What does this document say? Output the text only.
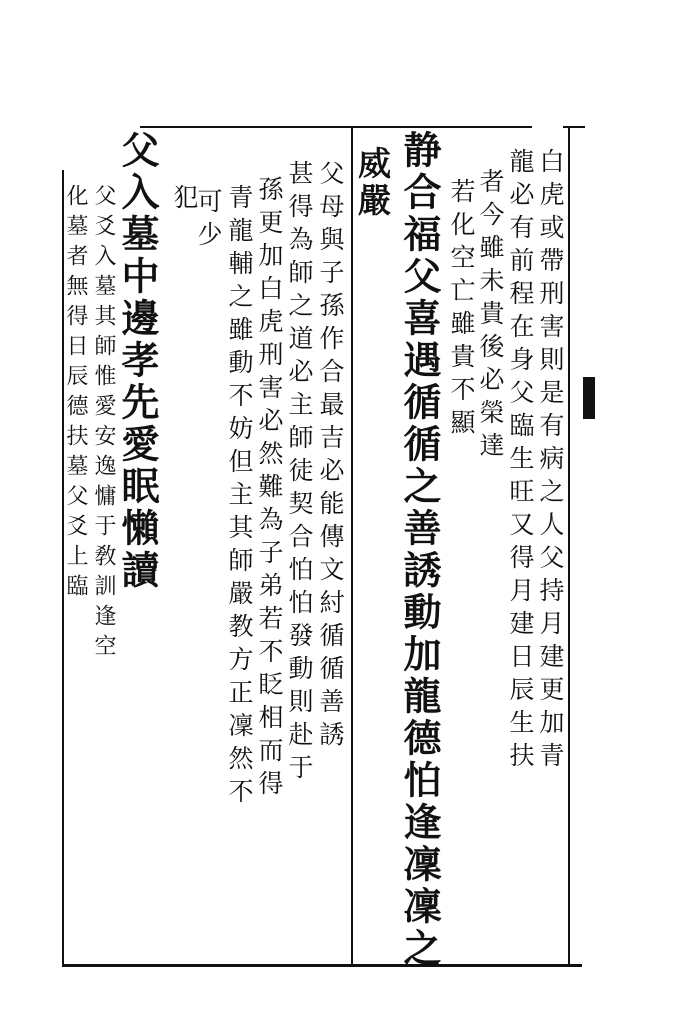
白虎或帶刑害則是有病之人父持月建更加青
龍必有前程在身父臨生旺又得月建日辰生扶
者今雖未貴後必榮達
若化空亡雖貴不顯
静合福父喜遇循循之善誘動加龍德怕逢凜凜之
威嚴
父母與子孫作合最吉必能傳文紂循循善誘
甚得為師之道必主師徒契合怕怕發動則赴于
孫更加白虎刑害必然難為子弟若不眨相而得
青龍輔之雖動不妨但主其師嚴教方正凜然不
可少
犯
父入墓中邊孝先愛眠懶讀
父爻入墓其師惟愛安逸慵于敎訓逢空
化墓者無得日辰德扶墓父爻上臨
